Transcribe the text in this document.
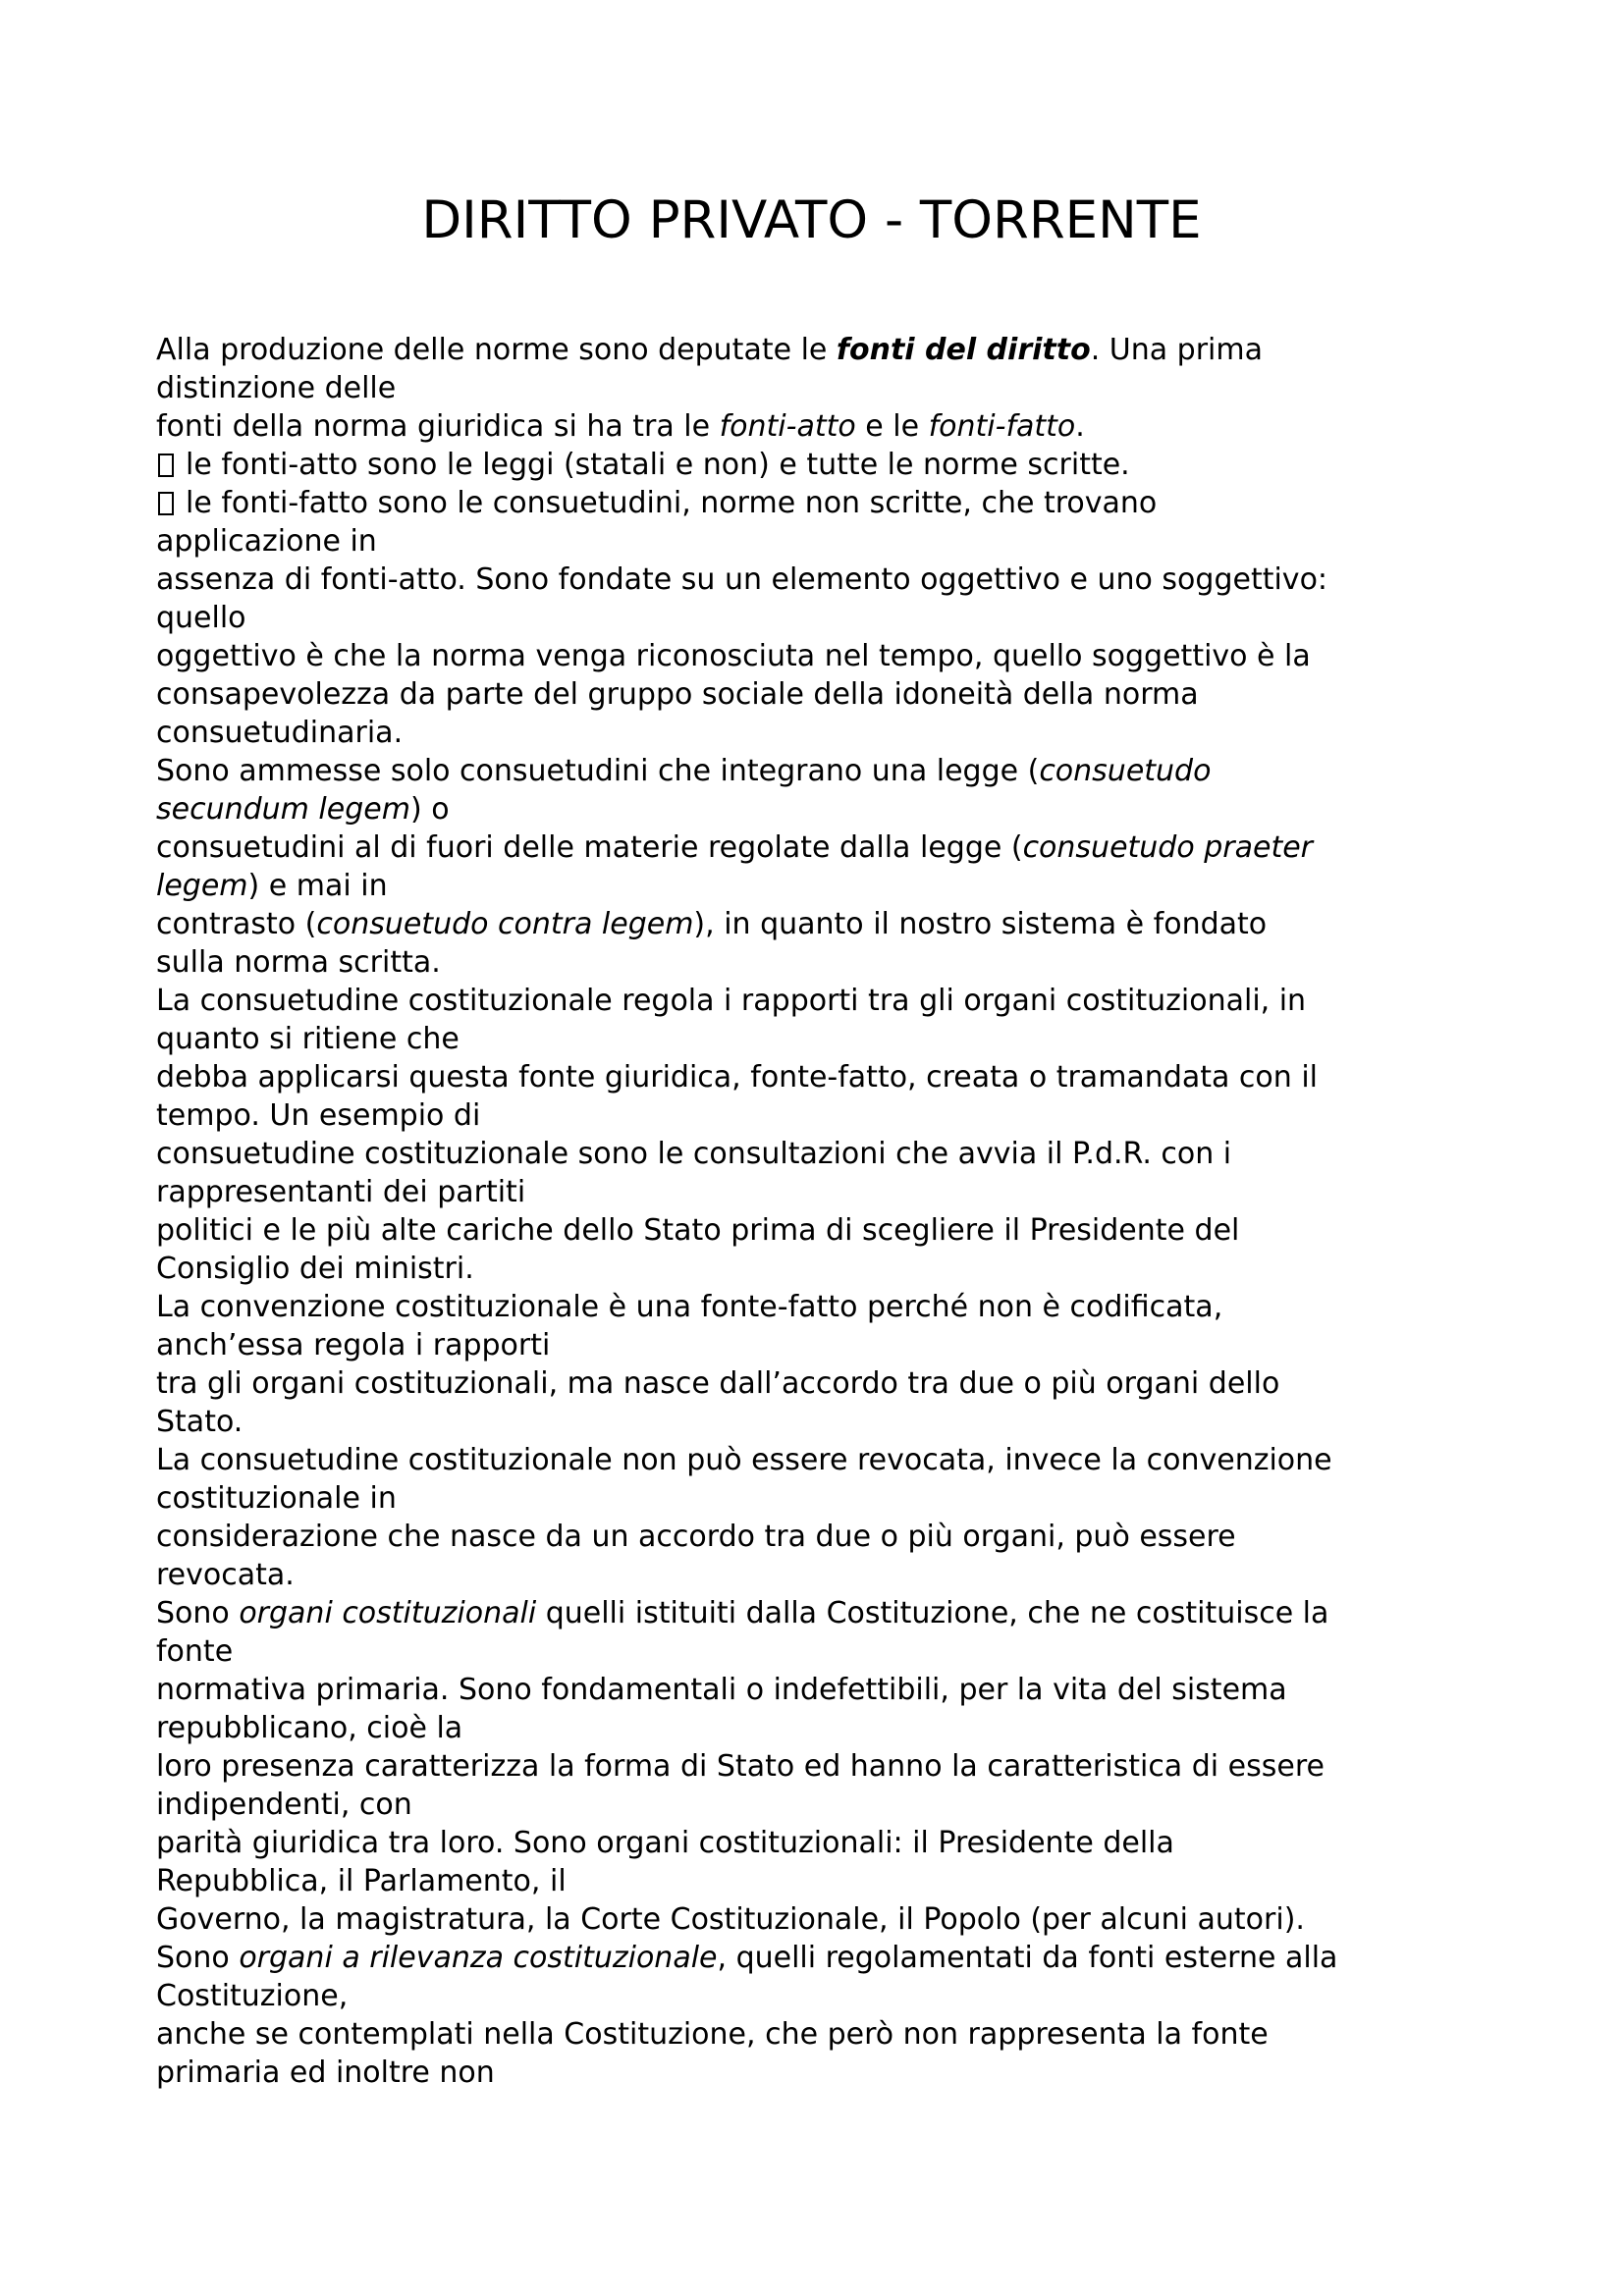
DIRITTO PRIVATO - TORRENTE
Alla produzione delle norme sono deputate le fonti del diritto. Una prima
distinzione delle
fonti della norma giuridica si ha tra le fonti-atto e le fonti-fatto.
le fonti-atto sono le leggi (statali e non) e tutte le norme scritte.
le fonti-fatto sono le consuetudini, norme non scritte, che trovano
applicazione in
assenza di fonti-atto. Sono fondate su un elemento oggettivo e uno soggettivo:
quello
oggettivo è che la norma venga riconosciuta nel tempo, quello soggettivo è la
consapevolezza da parte del gruppo sociale della idoneità della norma
consuetudinaria.
Sono ammesse solo consuetudini che integrano una legge (consuetudo
secundum legem) o
consuetudini al di fuori delle materie regolate dalla legge (consuetudo praeter
legem) e mai in
contrasto (consuetudo contra legem), in quanto il nostro sistema è fondato
sulla norma scritta.
La consuetudine costituzionale regola i rapporti tra gli organi costituzionali, in
quanto si ritiene che
debba applicarsi questa fonte giuridica, fonte-fatto, creata o tramandata con il
tempo. Un esempio di
consuetudine costituzionale sono le consultazioni che avvia il P.d.R. con i
rappresentanti dei partiti
politici e le più alte cariche dello Stato prima di scegliere il Presidente del
Consiglio dei ministri.
La convenzione costituzionale è una fonte-fatto perché non è codificata,
anch’essa regola i rapporti
tra gli organi costituzionali, ma nasce dall’accordo tra due o più organi dello
Stato.
La consuetudine costituzionale non può essere revocata, invece la convenzione
costituzionale in
considerazione che nasce da un accordo tra due o più organi, può essere
revocata.
Sono organi costituzionali quelli istituiti dalla Costituzione, che ne costituisce la
fonte
normativa primaria. Sono fondamentali o indefettibili, per la vita del sistema
repubblicano, cioè la
loro presenza caratterizza la forma di Stato ed hanno la caratteristica di essere
indipendenti, con
parità giuridica tra loro. Sono organi costituzionali: il Presidente della
Repubblica, il Parlamento, il
Governo, la magistratura, la Corte Costituzionale, il Popolo (per alcuni autori).
Sono organi a rilevanza costituzionale, quelli regolamentati da fonti esterne alla
Costituzione,
anche se contemplati nella Costituzione, che però non rappresenta la fonte
primaria ed inoltre non
